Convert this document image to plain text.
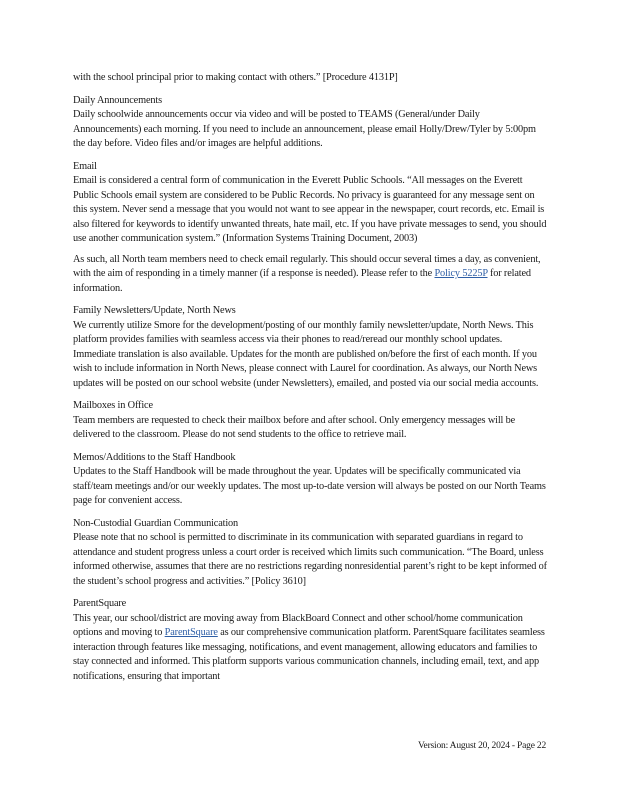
with the school principal prior to making contact with others.” [Procedure 4131P]

Daily Announcements

Daily schoolwide announcements occur via video and will be posted to TEAMS (General/under Daily Announcements) each morning. If you need to include an announcement, please email Holly/Drew/Tyler by 5:00pm the day before. Video files and/or images are helpful additions.

Email

Email is considered a central form of communication in the Everett Public Schools. “All messages on the Everett Public Schools email system are considered to be Public Records. No privacy is guaranteed for any message sent on this system. Never send a message that you would not want to see appear in the newspaper, court records, etc. Email is also filtered for keywords to identify unwanted threats, hate mail, etc. If you have private messages to send, you should use another communication system.” (Information Systems Training Document, 2003)

As such, all North team members need to check email regularly. This should occur several times a day, as convenient, with the aim of responding in a timely manner (if a response is needed). Please refer to the Policy 5225P for related information.

Family Newsletters/Update, North News

We currently utilize Smore for the development/posting of our monthly family newsletter/update, North News. This platform provides families with seamless access via their phones to read/reread our monthly school updates. Immediate translation is also available. Updates for the month are published on/before the first of each month. If you wish to include information in North News, please connect with Laurel for coordination. As always, our North News updates will be posted on our school website (under Newsletters), emailed, and posted via our social media accounts.

Mailboxes in Office

Team members are requested to check their mailbox before and after school. Only emergency messages will be delivered to the classroom. Please do not send students to the office to retrieve mail.

Memos/Additions to the Staff Handbook

Updates to the Staff Handbook will be made throughout the year. Updates will be specifically communicated via staff/team meetings and/or our weekly updates. The most up-to-date version will always be posted on our North Teams page for convenient access.

Non-Custodial Guardian Communication

Please note that no school is permitted to discriminate in its communication with separated guardians in regard to attendance and student progress unless a court order is received which limits such communication. “The Board, unless informed otherwise, assumes that there are no restrictions regarding nonresidential parent’s right to be kept informed of the student’s school progress and activities.” [Policy 3610]

ParentSquare

This year, our school/district are moving away from BlackBoard Connect and other school/home communication options and moving to ParentSquare as our comprehensive communication platform. ParentSquare facilitates seamless interaction through features like messaging, notifications, and event management, allowing educators and families to stay connected and informed. This platform supports various communication channels, including email, text, and app notifications, ensuring that important

Version: August 20, 2024 - Page 22
